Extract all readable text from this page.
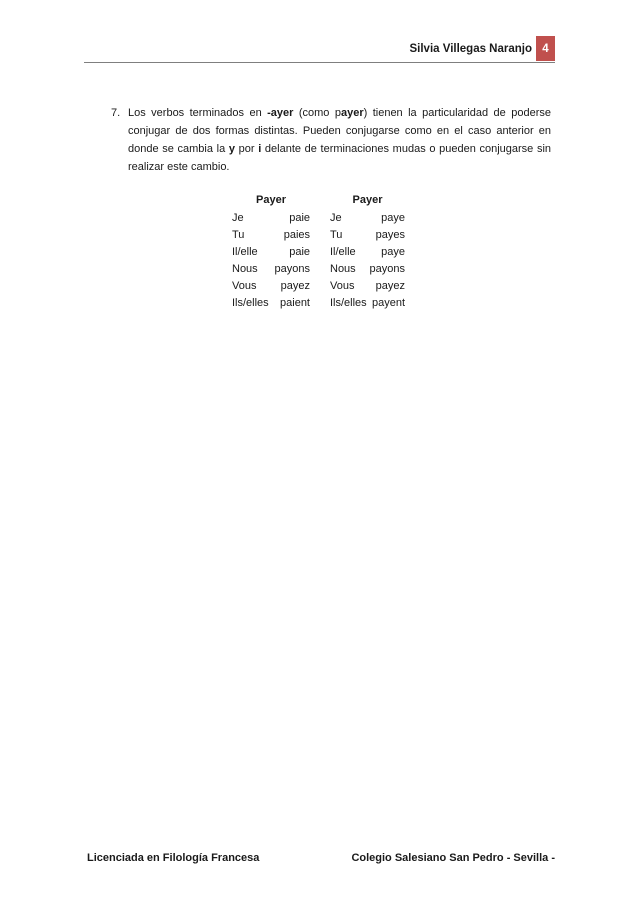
Silvia Villegas Naranjo 4
7. Los verbos terminados en -ayer (como payer) tienen la particularidad de poderse conjugar de dos formas distintas. Pueden conjugarse como en el caso anterior en donde se cambia la y por i delante de terminaciones mudas o pueden conjugarse sin realizar este cambio.
Payer
Je	paie
Tu	paies
Il/elle	paie
Nous payons
Vous payez
Ils/elles paient
Payer
Je	paye
Tu	payes
Il/elle paye
Nous payons
Vous payez
Ils/elles payent
Licenciada en Filología Francesa	Colegio Salesiano San Pedro - Sevilla -
